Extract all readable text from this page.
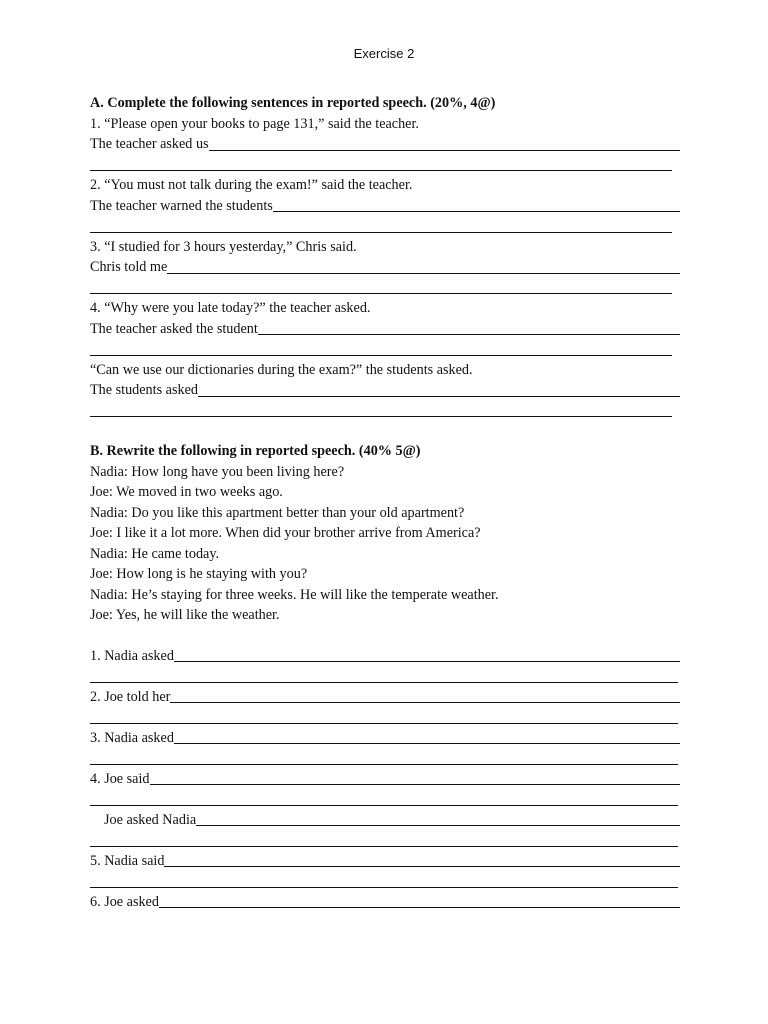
Exercise 2
A. Complete the following sentences in reported speech. (20%, 4@)
1. “Please open your books to page 131,” said the teacher.
The teacher asked us
2. “You must not talk during the exam!” said the teacher.
The teacher warned the students
3. “I studied for 3 hours yesterday,” Chris said.
Chris told me
4. “Why were you late today?” the teacher asked.
The teacher asked the student
“Can we use our dictionaries during the exam?” the students asked.
The students asked
B. Rewrite the following in reported speech. (40% 5@)
Nadia: How long have you been living here?
Joe: We moved in two weeks ago.
Nadia: Do you like this apartment better than your old apartment?
Joe: I like it a lot more. When did your brother arrive from America?
Nadia: He came today.
Joe: How long is he staying with you?
Nadia: He’s staying for three weeks. He will like the temperate weather.
Joe: Yes, he will like the weather.
1. Nadia asked
2. Joe told her
3. Nadia asked
4. Joe said
Joe asked Nadia
5. Nadia said
6. Joe asked
